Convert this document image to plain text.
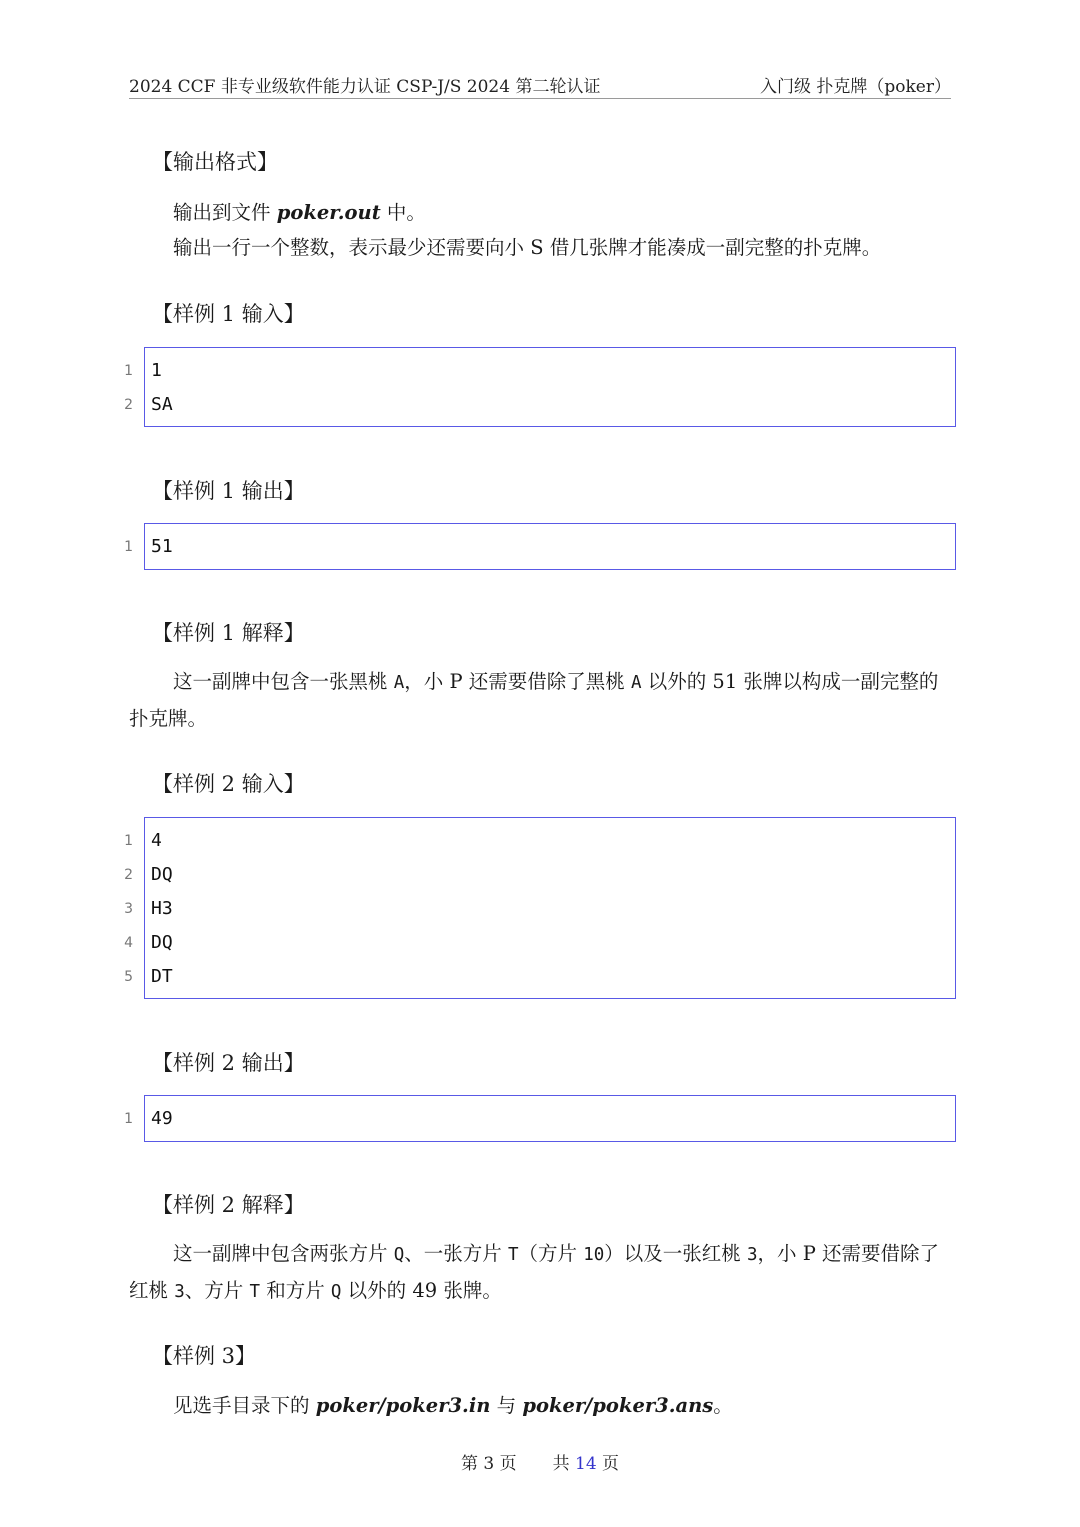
2024 CCF 非专业级软件能力认证 CSP-J/S 2024 第二轮认证	入门级 扑克牌（poker）
【输出格式】

输出到文件 poker.out 中。

输出一行一个整数，表示最少还需要向小 S 借几张牌才能凑成一副完整的扑克牌。

【样例 1 输入】
1 1
2 SA
【样例 1 输出】
1 51
【样例 1 解释】

这一副牌中包含一张黑桃 A，小 P 还需要借除了黑桃 A 以外的 51 张牌以构成一副完整的扑克牌。

【样例 2 输入】
1 4
2 DQ
3 H3
4 DQ
5 DT
【样例 2 输出】
1 49
【样例 2 解释】

这一副牌中包含两张方片 Q、一张方片 T（方片 10）以及一张红桃 3，小 P 还需要借除了红桃 3、方片 T 和方片 Q 以外的 49 张牌。

【样例 3】

见选手目录下的 poker/poker3.in 与 poker/poker3.ans。

第 3 页 共 14 页
